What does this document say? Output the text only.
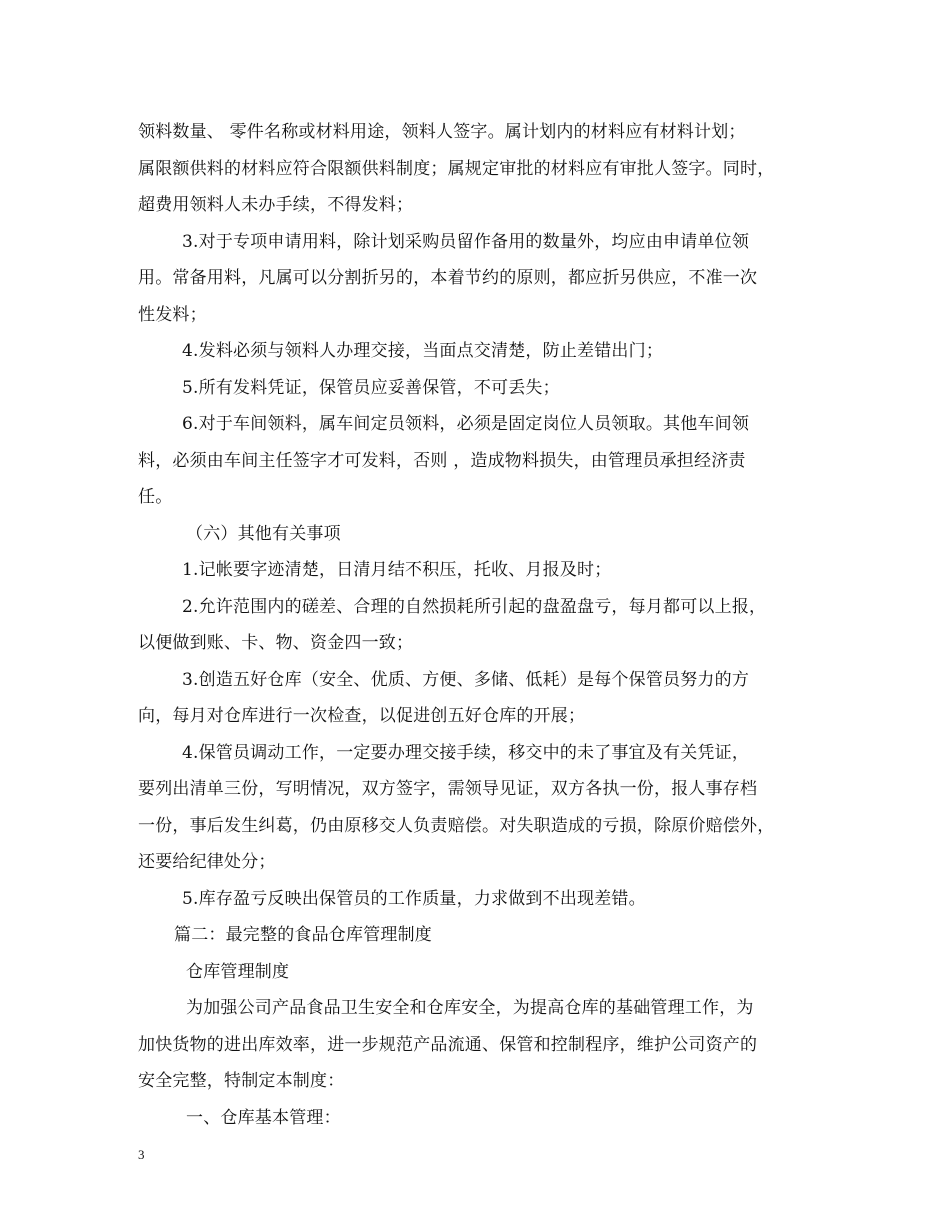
领料数量、 零件名称或材料用途，领料人签字。属计划内的材料应有材料计划；
属限额供料的材料应符合限额供料制度；属规定审批的材料应有审批人签字。同时，
超费用领料人未办手续，不得发料；
3.对于专项申请用料，除计划采购员留作备用的数量外，均应由申请单位领
用。常备用料，凡属可以分割折另的，本着节约的原则，都应折另供应，不准一次
性发料；
4.发料必须与领料人办理交接，当面点交清楚，防止差错出门；
5.所有发料凭证，保管员应妥善保管，不可丢失；
6.对于车间领料，属车间定员领料，必须是固定岗位人员领取。其他车间领
料，必须由车间主任签字才可发料，否则 ，造成物料损失，由管理员承担经济责
任。
（六）其他有关事项
1.记帐要字迹清楚，日清月结不积压，托收、月报及时；
2.允许范围内的磋差、合理的自然损耗所引起的盘盈盘亏，每月都可以上报，
以便做到账、卡、物、资金四一致；
3.创造五好仓库（安全、优质、方便、多储、低耗）是每个保管员努力的方
向，每月对仓库进行一次检查，以促进创五好仓库的开展；
4.保管员调动工作，一定要办理交接手续，移交中的未了事宜及有关凭证，
要列出清单三份，写明情况，双方签字，需领导见证，双方各执一份，报人事存档
一份，事后发生纠葛，仍由原移交人负责赔偿。对失职造成的亏损，除原价赔偿外，
还要给纪律处分；
5.库存盈亏反映出保管员的工作质量，力求做到不出现差错。
篇二：最完整的食品仓库管理制度
仓库管理制度
为加强公司产品食品卫生安全和仓库安全，为提高仓库的基础管理工作，为
加快货物的进出库效率，进一步规范产品流通、保管和控制程序，维护公司资产的
安全完整，特制定本制度：
一、仓库基本管理：
3
